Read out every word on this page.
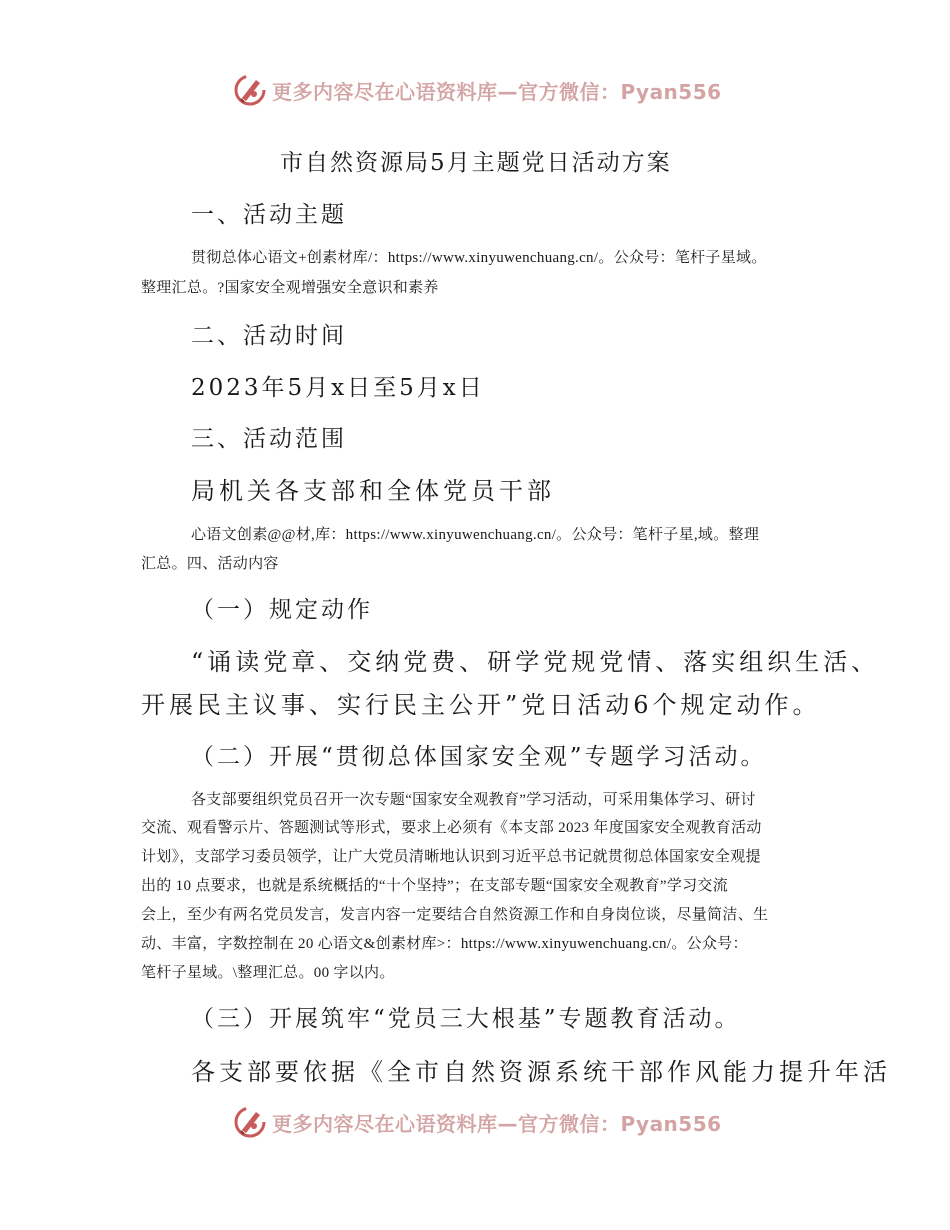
更多内容尽在心语资料库—官方微信：Pyan556
市自然资源局5月主题党日活动方案
一、活动主题
贯彻总体心语文+创素材库/：https://www.xinyuwenchuang.cn/。公众号：笔杆子星域。
整理汇总。?国家安全观增强安全意识和素养
二、活动时间
2023年5月x日至5月x日
三、活动范围
局机关各支部和全体党员干部
心语文创素@@材,库：https://www.xinyuwenchuang.cn/。公众号：笔杆子星,域。整理
汇总。四、活动内容
（一）规定动作
“诵读党章、交纳党费、研学党规党情、落实组织生活、
开展民主议事、实行民主公开”党日活动6个规定动作。
（二）开展“贯彻总体国家安全观”专题学习活动。
各支部要组织党员召开一次专题“国家安全观教育”学习活动，可采用集体学习、研讨
交流、观看警示片、答题测试等形式，要求上必须有《本支部 2023 年度国家安全观教育活动
计划》，支部学习委员领学，让广大党员清晰地认识到习近平总书记就贯彻总体国家安全观提
出的 10 点要求，也就是系统概括的“十个坚持”；在支部专题“国家安全观教育”学习交流
会上，至少有两名党员发言，发言内容一定要结合自然资源工作和自身岗位谈，尽量简洁、生
动、丰富，字数控制在 20 心语文&创素材库>：https://www.xinyuwenchuang.cn/。公众号：
笔杆子星域。\整理汇总。00 字以内。
（三）开展筑牢“党员三大根基”专题教育活动。
各支部要依据《全市自然资源系统干部作风能力提升年活
更多内容尽在心语资料库—官方微信：Pyan556
